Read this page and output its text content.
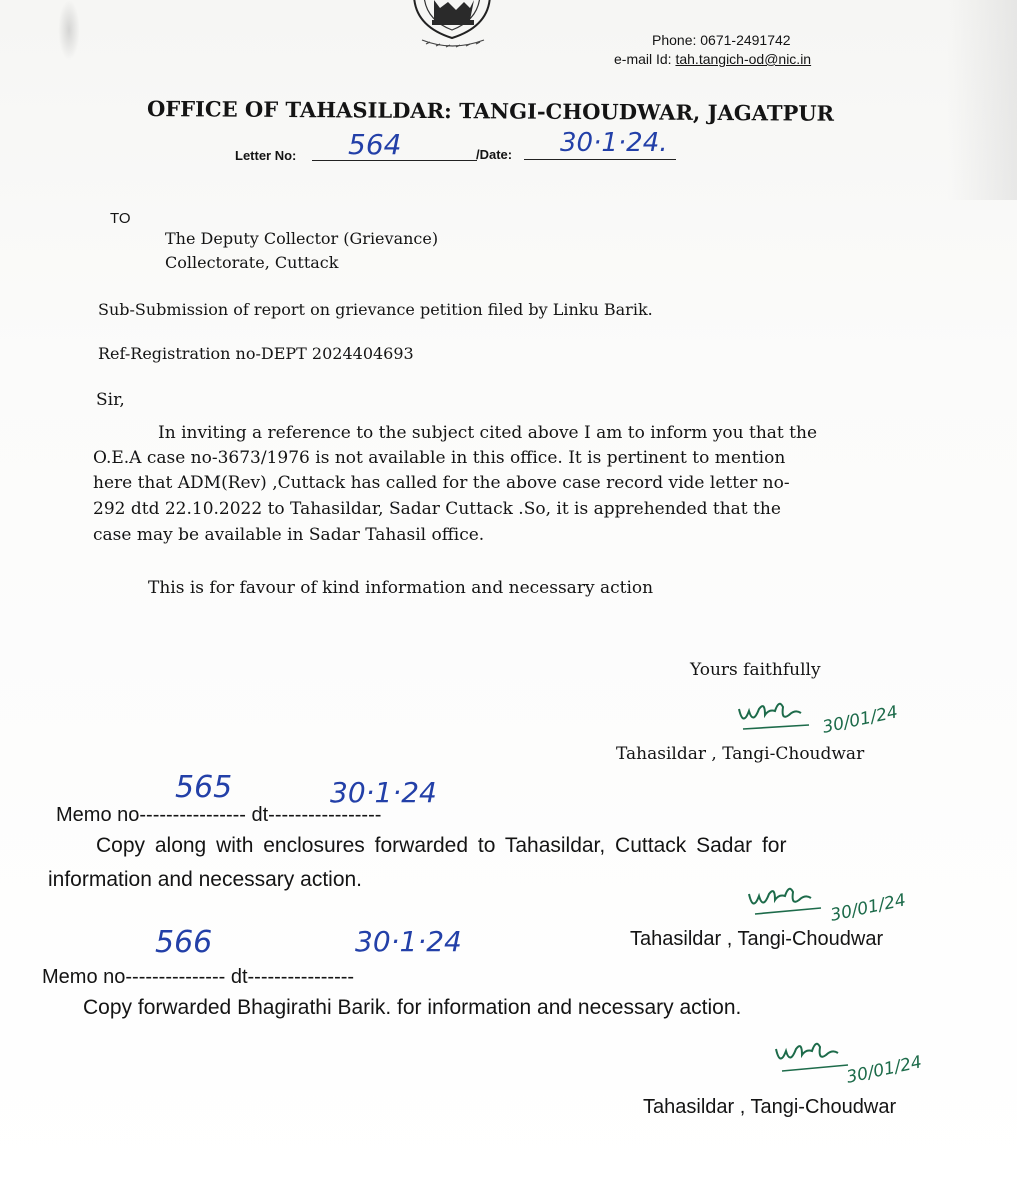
Phone: 0671-2491742
e-mail Id: tah.tangich-od@nic.in
OFFICE OF TAHASILDAR: TANGI-CHOUDWAR, JAGATPUR
Letter No: 564	/Date: 30·1·24.
TO
The Deputy Collector (Grievance)
Collectorate, Cuttack
Sub-Submission of report on grievance petition filed by Linku Barik.
Ref-Registration no-DEPT 2024404693
Sir,
In inviting a reference to the subject cited above I am to inform you that the
O.E.A case no-3673/1976 is not available in this office. It is pertinent to mention
here that ADM(Rev) ,Cuttack has called for the above case record vide letter no-
292 dtd 22.10.2022 to Tahasildar, Sadar Cuttack .So, it is apprehended that the
case may be available in Sadar Tahasil office.
This is for favour of kind information and necessary action
Yours faithfully
30/01/24
Tahasildar , Tangi-Choudwar
565	30·1·24
Memo no---------------- dt-----------------
Copy along with enclosures forwarded to Tahasildar, Cuttack Sadar for
information and necessary action.
30/01/24
Tahasildar , Tangi-Choudwar
566	30·1·24
Memo no--------------- dt----------------
Copy forwarded Bhagirathi Barik. for information and necessary action.
30/01/24
Tahasildar , Tangi-Choudwar
